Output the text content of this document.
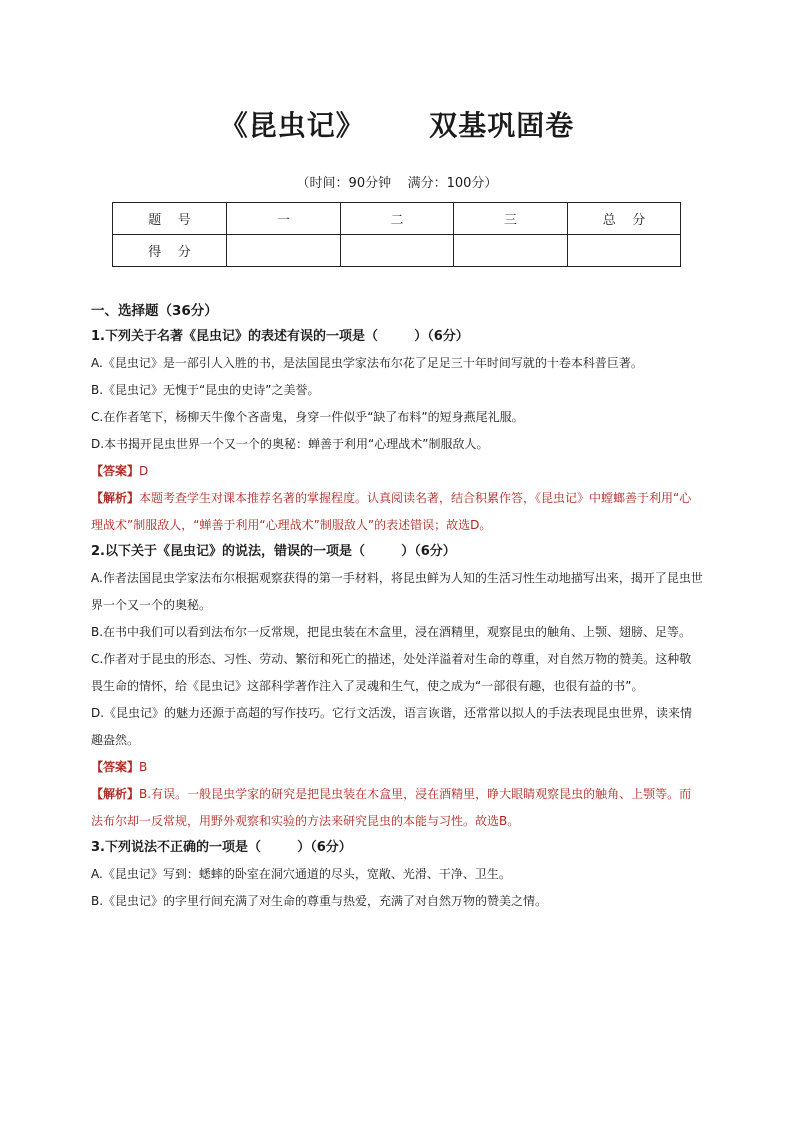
《昆虫记》      双基巩固卷
（时间：90分钟    满分：100分）
题    号	一	二	三	总    分
得    分				
一、选择题（36分）
1.下列关于名著《昆虫记》的表述有误的一项是（        ）（6分）
A.《昆虫记》是一部引人入胜的书，是法国昆虫学家法布尔花了足足三十年时间写就的十卷本科普巨著。
B.《昆虫记》无愧于“昆虫的史诗”之美誉。
C.在作者笔下，杨柳天牛像个吝啬鬼，身穿一件似乎“缺了布料”的短身燕尾礼服。
D.本书揭开昆虫世界一个又一个的奥秘：蝉善于利用“心理战术”制服敌人。
【答案】D
【解析】本题考查学生对课本推荐名著的掌握程度。认真阅读名著，结合积累作答，《昆虫记》中螳螂善于利用“心理战术”制服敌人，“蝉善于利用“心理战术”制服敌人”的表述错误；故选D。
2.以下关于《昆虫记》的说法，错误的一项是（        ）（6分）
A.作者法国昆虫学家法布尔根据观察获得的第一手材料，将昆虫鲜为人知的生活习性生动地描写出来，揭开了昆虫世界一个又一个的奥秘。
B.在书中我们可以看到法布尔一反常规，把昆虫装在木盒里，浸在酒精里，观察昆虫的触角、上颚、翅膀、足等。
C.作者对于昆虫的形态、习性、劳动、繁衍和死亡的描述，处处洋溢着对生命的尊重，对自然万物的赞美。这种敬畏生命的情怀，给《昆虫记》这部科学著作注入了灵魂和生气，使之成为“一部很有趣，也很有益的书”。
D.《昆虫记》的魅力还源于高超的写作技巧。它行文活泼，语言诙谐，还常常以拟人的手法表现昆虫世界，读来情趣盎然。
【答案】B
【解析】B.有误。一般昆虫学家的研究是把昆虫装在木盒里，浸在酒精里，睁大眼睛观察昆虫的触角、上颚等。而法布尔却一反常规，用野外观察和实验的方法来研究昆虫的本能与习性。故选B。
3.下列说法不正确的一项是（        ）（6分）
A.《昆虫记》写到：蟋蟀的卧室在洞穴通道的尽头，宽敞、光滑、干净、卫生。
B.《昆虫记》的字里行间充满了对生命的尊重与热爱，充满了对自然万物的赞美之情。
